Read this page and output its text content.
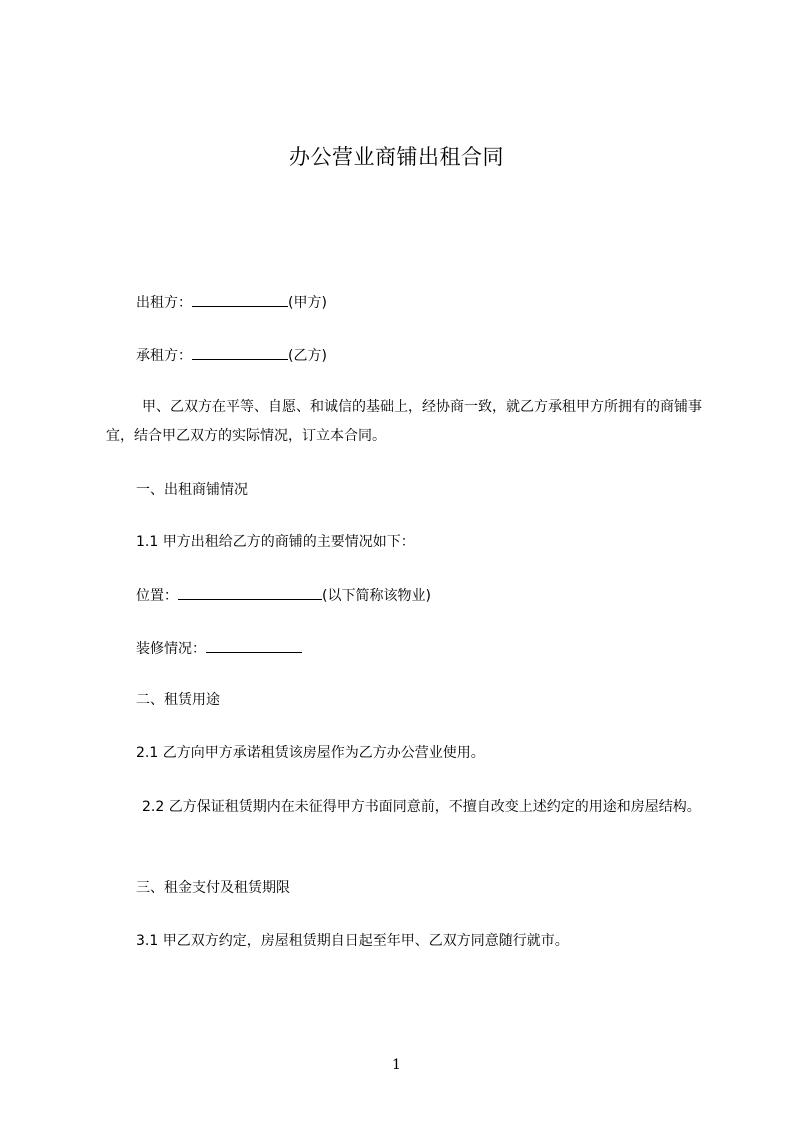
办公营业商铺出租合同
出租方：	(甲方)
承租方：	(乙方)
甲、乙双方在平等、自愿、和诚信的基础上，经协商一致，就乙方承租甲方所拥有的商铺事宜，结合甲乙双方的实际情况，订立本合同。
一、出租商铺情况
1.1 甲方出租给乙方的商铺的主要情况如下：
位置：	(以下简称该物业)
装修情况：
二、租赁用途
2.1 乙方向甲方承诺租赁该房屋作为乙方办公营业使用。
2.2 乙方保证租赁期内在未征得甲方书面同意前，不擅自改变上述约定的用途和房屋结构。
三、租金支付及租赁期限
3.1 甲乙双方约定，房屋租赁期自日起至年甲、乙双方同意随行就市。
1
